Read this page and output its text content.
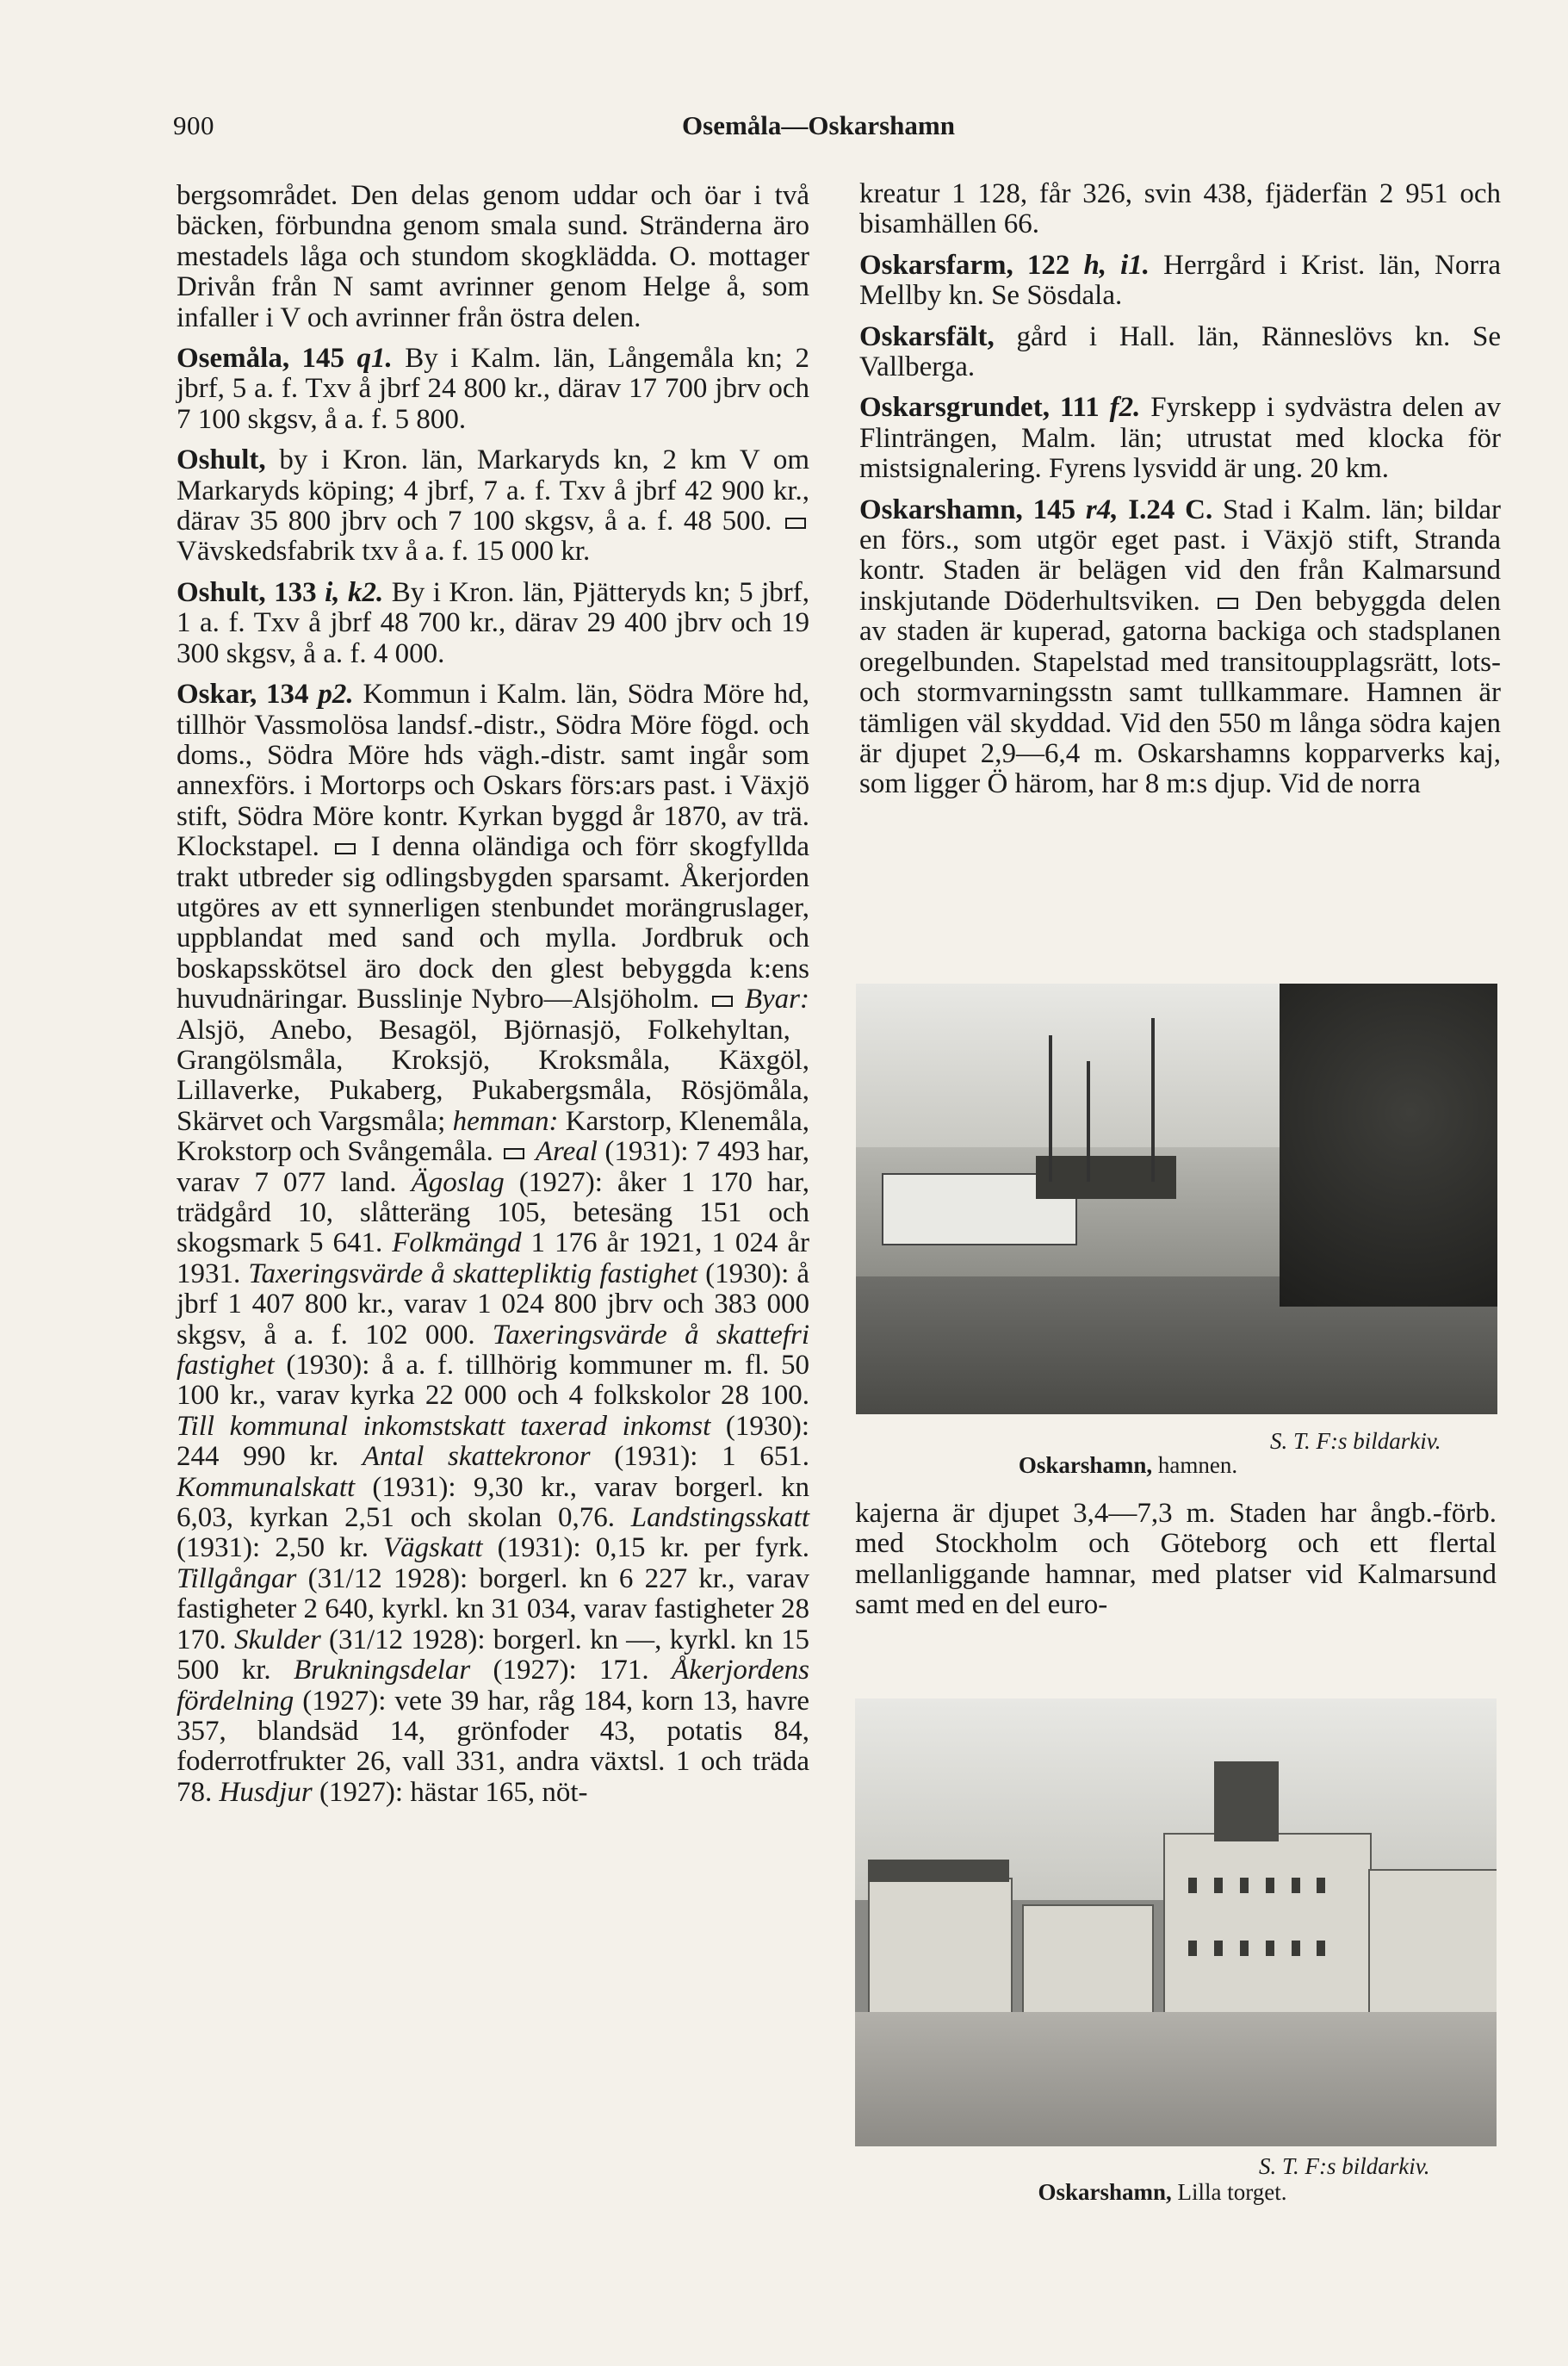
900	Osemåla—Oskarshamn

bergsområdet. Den delas genom uddar och öar i två bäcken, förbundna genom smala sund. Stränderna äro mestadels låga och stundom skogklädda. O. mottager Drivån från N samt avrinner genom Helge å, som infaller i V och avrinner från östra delen.

Osemåla, 145 q1. By i Kalm. län, Långemåla kn; 2 jbrf, 5 a. f. Txv å jbrf 24 800 kr., därav 17 700 jbrv och 7 100 skgsv, å a. f. 5 800.

Oshult, by i Kron. län, Markaryds kn, 2 km V om Markaryds köping; 4 jbrf, 7 a. f. Txv å jbrf 42 900 kr., därav 35 800 jbrv och 7 100 skgsv, å a. f. 48 500.  Vävskedsfabrik txv å a. f. 15 000 kr.

Oshult, 133 i, k2. By i Kron. län, Pjätteryds kn; 5 jbrf, 1 a. f. Txv å jbrf 48 700 kr., därav 29 400 jbrv och 19 300 skgsv, å a. f. 4 000.

Oskar, 134 p2. Kommun i Kalm. län, Södra Möre hd, tillhör Vassmolösa landsf.-distr., Södra Möre fögd. och doms., Södra Möre hds vägh.-distr. samt ingår som annexförs. i Mortorps och Oskars förs:ars past. i Växjö stift, Södra Möre kontr. Kyrkan byggd år 1870, av trä. Klockstapel.  I denna oländiga och förr skogfyllda trakt utbreder sig odlingsbygden sparsamt. Åkerjorden utgöres av ett synnerligen stenbundet morängruslager, uppblandat med sand och mylla. Jordbruk och boskapsskötsel äro dock den glest bebyggda k:ens huvudnäringar. Busslinje Nybro—Alsjöholm. Byar: Alsjö, Anebo, Besagöl, Björnasjö, Folkehyltan, Grangölsmåla, Kroksjö, Kroksmåla, Käxgöl, Lillaverke, Pukaberg, Pukabergsmåla, Rösjömåla, Skärvet och Vargsmåla; hemman: Karstorp, Klenemåla, Krokstorp och Svångemåla. Areal (1931): 7 493 har, varav 7 077 land. Ägoslag (1927): åker 1 170 har, trädgård 10, slåtteräng 105, betesäng 151 och skogsmark 5 641. Folkmängd 1 176 år 1921, 1 024 år 1931. Taxeringsvärde å skattepliktig fastighet (1930): å jbrf 1 407 800 kr., varav 1 024 800 jbrv och 383 000 skgsv, å a. f. 102 000. Taxeringsvärde å skattefri fastighet (1930): å a. f. tillhörig kommuner m. fl. 50 100 kr., varav kyrka 22 000 och 4 folkskolor 28 100. Till kommunal inkomstskatt taxerad inkomst (1930): 244 990 kr. Antal skattekronor (1931): 1 651. Kommunalskatt (1931): 9,30 kr., varav borgerl. kn 6,03, kyrkan 2,51 och skolan 0,76. Landstingsskatt (1931): 2,50 kr. Vägskatt (1931): 0,15 kr. per fyrk. Tillgångar (31/12 1928): borgerl. kn 6 227 kr., varav fastigheter 2 640, kyrkl. kn 31 034, varav fastigheter 28 170. Skulder (31/12 1928): borgerl. kn —, kyrkl. kn 15 500 kr. Brukningsdelar (1927): 171. Åkerjordens fördelning (1927): vete 39 har, råg 184, korn 13, havre 357, blandsäd 14, grönfoder 43, potatis 84, foderrotfrukter 26, vall 331, andra växtsl. 1 och träda 78. Husdjur (1927): hästar 165, nöt-

kreatur 1 128, får 326, svin 438, fjäderfän 2 951 och bisamhällen 66.

Oskarsfarm, 122 h, i1. Herrgård i Krist. län, Norra Mellby kn. Se Sösdala.

Oskarsfält, gård i Hall. län, Ränneslövs kn. Se Vallberga.

Oskarsgrundet, 111 f2. Fyrskepp i sydvästra delen av Flinträngen, Malm. län; utrustat med klocka för mistsignalering. Fyrens lysvidd är ung. 20 km.

Oskarshamn, 145 r4, I.24 C. Stad i Kalm. län; bildar en förs., som utgör eget past. i Växjö stift, Stranda kontr. Staden är belägen vid den från Kalmarsund inskjutande Döderhultsviken.  Den bebyggda delen av staden är kuperad, gatorna backiga och stadsplanen oregelbunden. Stapelstad med transitoupplagsrätt, lots- och stormvarningsstn samt tullkammare. Hamnen är tämligen väl skyddad. Vid den 550 m långa södra kajen är djupet 2,9—6,4 m. Oskarshamns kopparverks kaj, som ligger Ö härom, har 8 m:s djup. Vid de norra

S. T. F:s bildarkiv.
Oskarshamn, hamnen.

kajerna är djupet 3,4—7,3 m. Staden har ångb.-förb. med Stockholm och Göteborg och ett flertal mellanliggande hamnar, med platser vid Kalmarsund samt med en del euro-

S. T. F:s bildarkiv.
Oskarshamn, Lilla torget.
